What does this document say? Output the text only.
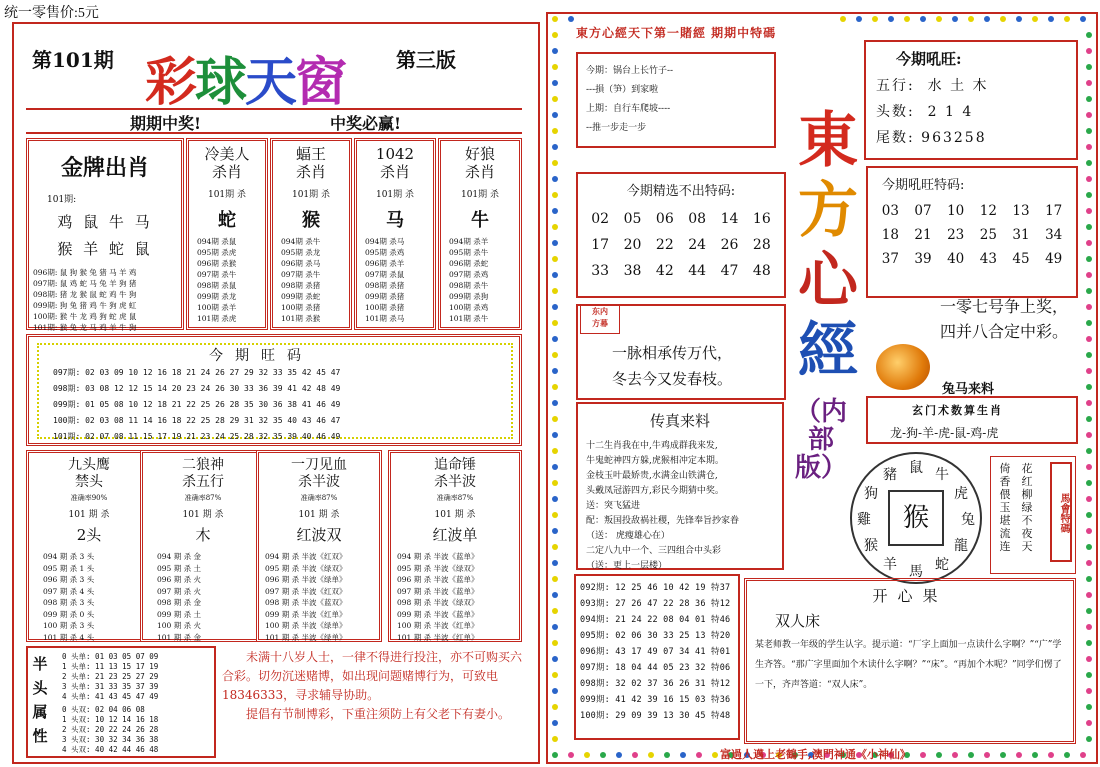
统一零售价:5元
第101期 彩球天窗	第三版
期期中奖!	中奖必赢!
金牌出肖
101期:
鸡 鼠 牛 马
猴 羊 蛇 鼠
096期: 鼠 狗 猴 兔 猪 马 羊 鸡
097期: 鼠 鸡 蛇 马 兔 羊 狗 猪
098期: 猪 龙 猴 鼠 蛇 鸡 牛 狗
099期: 狗 兔 猪 鸡 牛 狗 虎 虹
100期: 猴 牛 龙 鸡 狗 蛇 虎 鼠
101期: 猴 兔 龙 马 鸡 羊 牛 狗
冷美人
杀肖
101期 杀
蛇
094期 杀鼠
095期 杀虎
096期 杀猴
097期 杀牛
098期 杀鼠
099期 杀龙
100期 杀羊
101期 杀虎
蝠王
杀肖
101期 杀
猴
094期 杀牛
095期 杀龙
096期 杀马
097期 杀牛
098期 杀猪
099期 杀蛇
100期 杀猪
101期 杀猴
1042
杀肖
101期 杀
马
094期 杀马
095期 杀鸡
096期 杀羊
097期 杀鼠
098期 杀猪
099期 杀猪
100期 杀猪
101期 杀马
好狼
杀肖
101期 杀
牛
094期 杀羊
095期 杀牛
096期 杀蛇
097期 杀鸡
098期 杀牛
099期 杀狗
100期 杀鸡
101期 杀牛
今期旺码
097期: 02 03 09 10 12 16 18 21 24 26 27 29 32 33 35 42 45 47
098期: 03 08 12 12 15 14 20 23 24 26 30 33 36 39 41 42 48 49
099期: 01 05 08 10 12 18 21 22 25 26 28 35 30 36 38 41 46 49
100期: 02 03 08 11 14 16 18 22 25 28 29 31 32 35 40 43 46 47
101期: 02 07 08 11 15 17 19 21 23 24 25 28 32 35 39 40 46 49
九头鹰
禁头
准确率90%
101 期 杀
2头
094 期 杀 3 头
095 期 杀 1 头
096 期 杀 3 头
097 期 杀 4 头
098 期 杀 3 头
099 期 杀 0 头
100 期 杀 3 头
101 期 杀 4 头
二狼神
杀五行
准确率87%
101 期 杀
木
094 期 杀 金
095 期 杀 土
096 期 杀 火
097 期 杀 火
098 期 杀 金
099 期 杀 土
100 期 杀 火
101 期 杀 金
一刀见血
杀半波
准确率87%
101 期 杀
红波双
094 期 杀 半波《红双》
095 期 杀 半波《绿双》
096 期 杀 半波《绿单》
097 期 杀 半波《红双》
098 期 杀 半波《蓝双》
099 期 杀 半波《红单》
100 期 杀 半波《绿单》
101 期 杀 半波《绿单》
追命锤
杀半波
准确率87%
101 期 杀
红波单
094 期 杀 半波《蓝单》
095 期 杀 半波《绿双》
096 期 杀 半波《蓝单》
097 期 杀 半波《蓝单》
098 期 杀 半波《绿双》
099 期 杀 半波《蓝单》
100 期 杀 半波《红单》
101 期 杀 半波《红单》
半
头
属
性
0 头单: 01 03 05 07 09
1 头单: 11 13 15 17 19
2 头单: 21 23 25 27 29
3 头单: 31 33 35 37 39
4 头单: 41 43 45 47 49
0 头双: 02 04 06 08
1 头双: 10 12 14 16 18
2 头双: 20 22 24 26 28
3 头双: 30 32 34 36 38
4 头双: 40 42 44 46 48
未满十八岁人士，一律不得进行投注，亦不可购买六合彩。切勿沉迷赌博，如出现问题赌博行为，可致电18346333，寻求辅导协助。
提倡有节制博彩，下重注须防上有父老下有妻小。
東方心經天下第一賭經 期期中特碼
今期：锅台上长竹子--
---損（笋）到家啦
上期：自行车爬坡----
--推一步走一步	東
方
心
經
（内部版）
今期吼旺:
五行: 水 土 木
头数: 2 1 4
尾数: 963258
今期精选不出特码:
02	05	06	08	14	16
17	20	22	24	26	28
33	38	42	44	47	48
今期吼旺特码:
03	07	10	12	13	17
18	21	23	25	31	34
37	39	40	43	45	49
一零七号争上奖，
四并八合定中彩。
东内
方幕
一脉相承传万代，
冬去今又发春枝。
兔马来料
玄门术数算生肖
龙-狗-羊-虎-鼠-鸡-虎
传真来料
十二生肖我在中,牛鸡成群我来发,
牛鬼蛇神四方躲,虎猴相冲定本期。
金枝玉叶最娇贵,水满金山铁满仓,
头戴凤冠游四方,彩民今期猜中奖。
送：突飞猛进
配：叛国投敌祸社稷，先锋奉旨抄家眷
（送： 虎瘦雄心在）
二定八九中一个、三四组合中头彩
（送：更上一层楼）
猴
鼠 牛
虎
兔
龍
蛇
馬
羊
猴
雞
狗
豬	倚
香
偎
玉
堪
流
连
花
红
柳
绿
不
夜
天
馬會特碼
092期: 12 25 46 10 42 19 特37
093期: 27 26 47 22 28 36 特12
094期: 21 24 22 08 04 01 特46
095期: 02 06 30 33 25 13 特20
096期: 43 17 49 07 34 41 特01
097期: 18 04 44 05 23 32 特06
098期: 32 02 37 36 26 31 特12
099期: 41 42 39 16 15 03 特36
100期: 29 09 39 13 30 45 特48
开心果
双人床
某老师教一年级的学生认字。提示道：“厂字上面加一点读什么字啊？”“广”学生齐答。“那广字里面加个木读什么字啊？”“床”。“再加个木呢？”同学们愣了一下，齐声答道：“双人床”。
富過人邁上老鶴手,澳門神通《小神仙》
